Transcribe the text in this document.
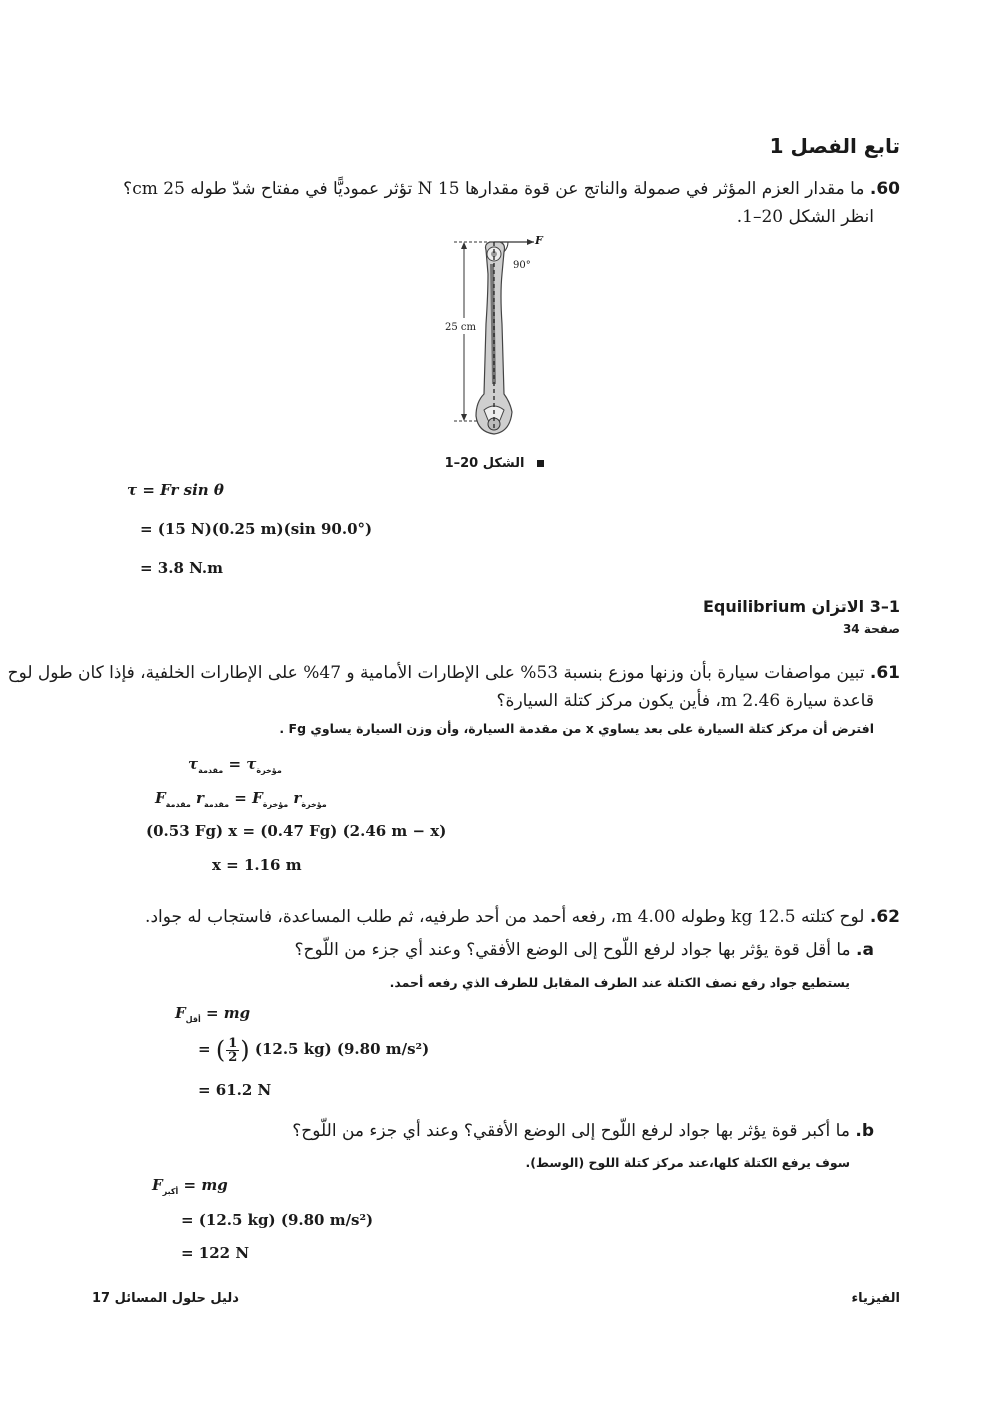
تابع الفصل 1
60. ما مقدار العزم المؤثر في صمولة والناتج عن قوة مقدارها 15 N تؤثر عموديًّا في مفتاح شدّ طوله 25 cm؟
انظر الشكل 20–1.
F
90°
25 cm
الشكل 20–1
τ = Fr sin θ
= (15 N)(0.25 m)(sin 90.0°)
= 3.8 N.m
1–3 الاتزان Equilibrium
صفحة 34
61. تبين مواصفات سيارة بأن وزنها موزع بنسبة 53% على الإطارات الأمامية و 47% على الإطارات الخلفية، فإذا كان طول لوح
قاعدة سيارة 2.46 m، فأين يكون مركز كتلة السيارة؟
افترض أن مركز كتلة السيارة على بعد يساوي x من مقدمة السيارة، وأن وزن السيارة يساوي Fg .
$\tau_{مقدمة} = \tau_{مؤخرة}$
$F_{مقدمة}$ $r_{مقدمة} = F_{مؤخرة}$ $r_{مؤخرة}$
(0.53 Fg) x = (0.47 Fg) (2.46 m − x)
x = 1.16 m
62. لوح كتلته 12.5 kg وطوله 4.00 m، رفعه أحمد من أحد طرفيه، ثم طلب المساعدة، فاستجاب له جواد.
a. ما أقل قوة يؤثر بها جواد لرفع اللّوح إلى الوضع الأفقي؟ وعند أي جزء من اللّوح؟
يستطيع جواد رفع نصف الكتلة عند الطرف المقابل للطرف الذي رفعه أحمد.
$F_{أقل}$ = mg
= ( $\frac{1}{2}$ ) (12.5 kg) (9.80 m/s²)
= 61.2 N
b. ما أكبر قوة يؤثر بها جواد لرفع اللّوح إلى الوضع الأفقي؟ وعند أي جزء من اللّوح؟
سوف يرفع الكتلة كلها،عند مركز كتلة اللوح (الوسط).
$F_{أكبر}$ = mg
= (12.5 kg) (9.80 m/s²)
= 122 N
الفيزياء
دليل حلول المسائل 17
